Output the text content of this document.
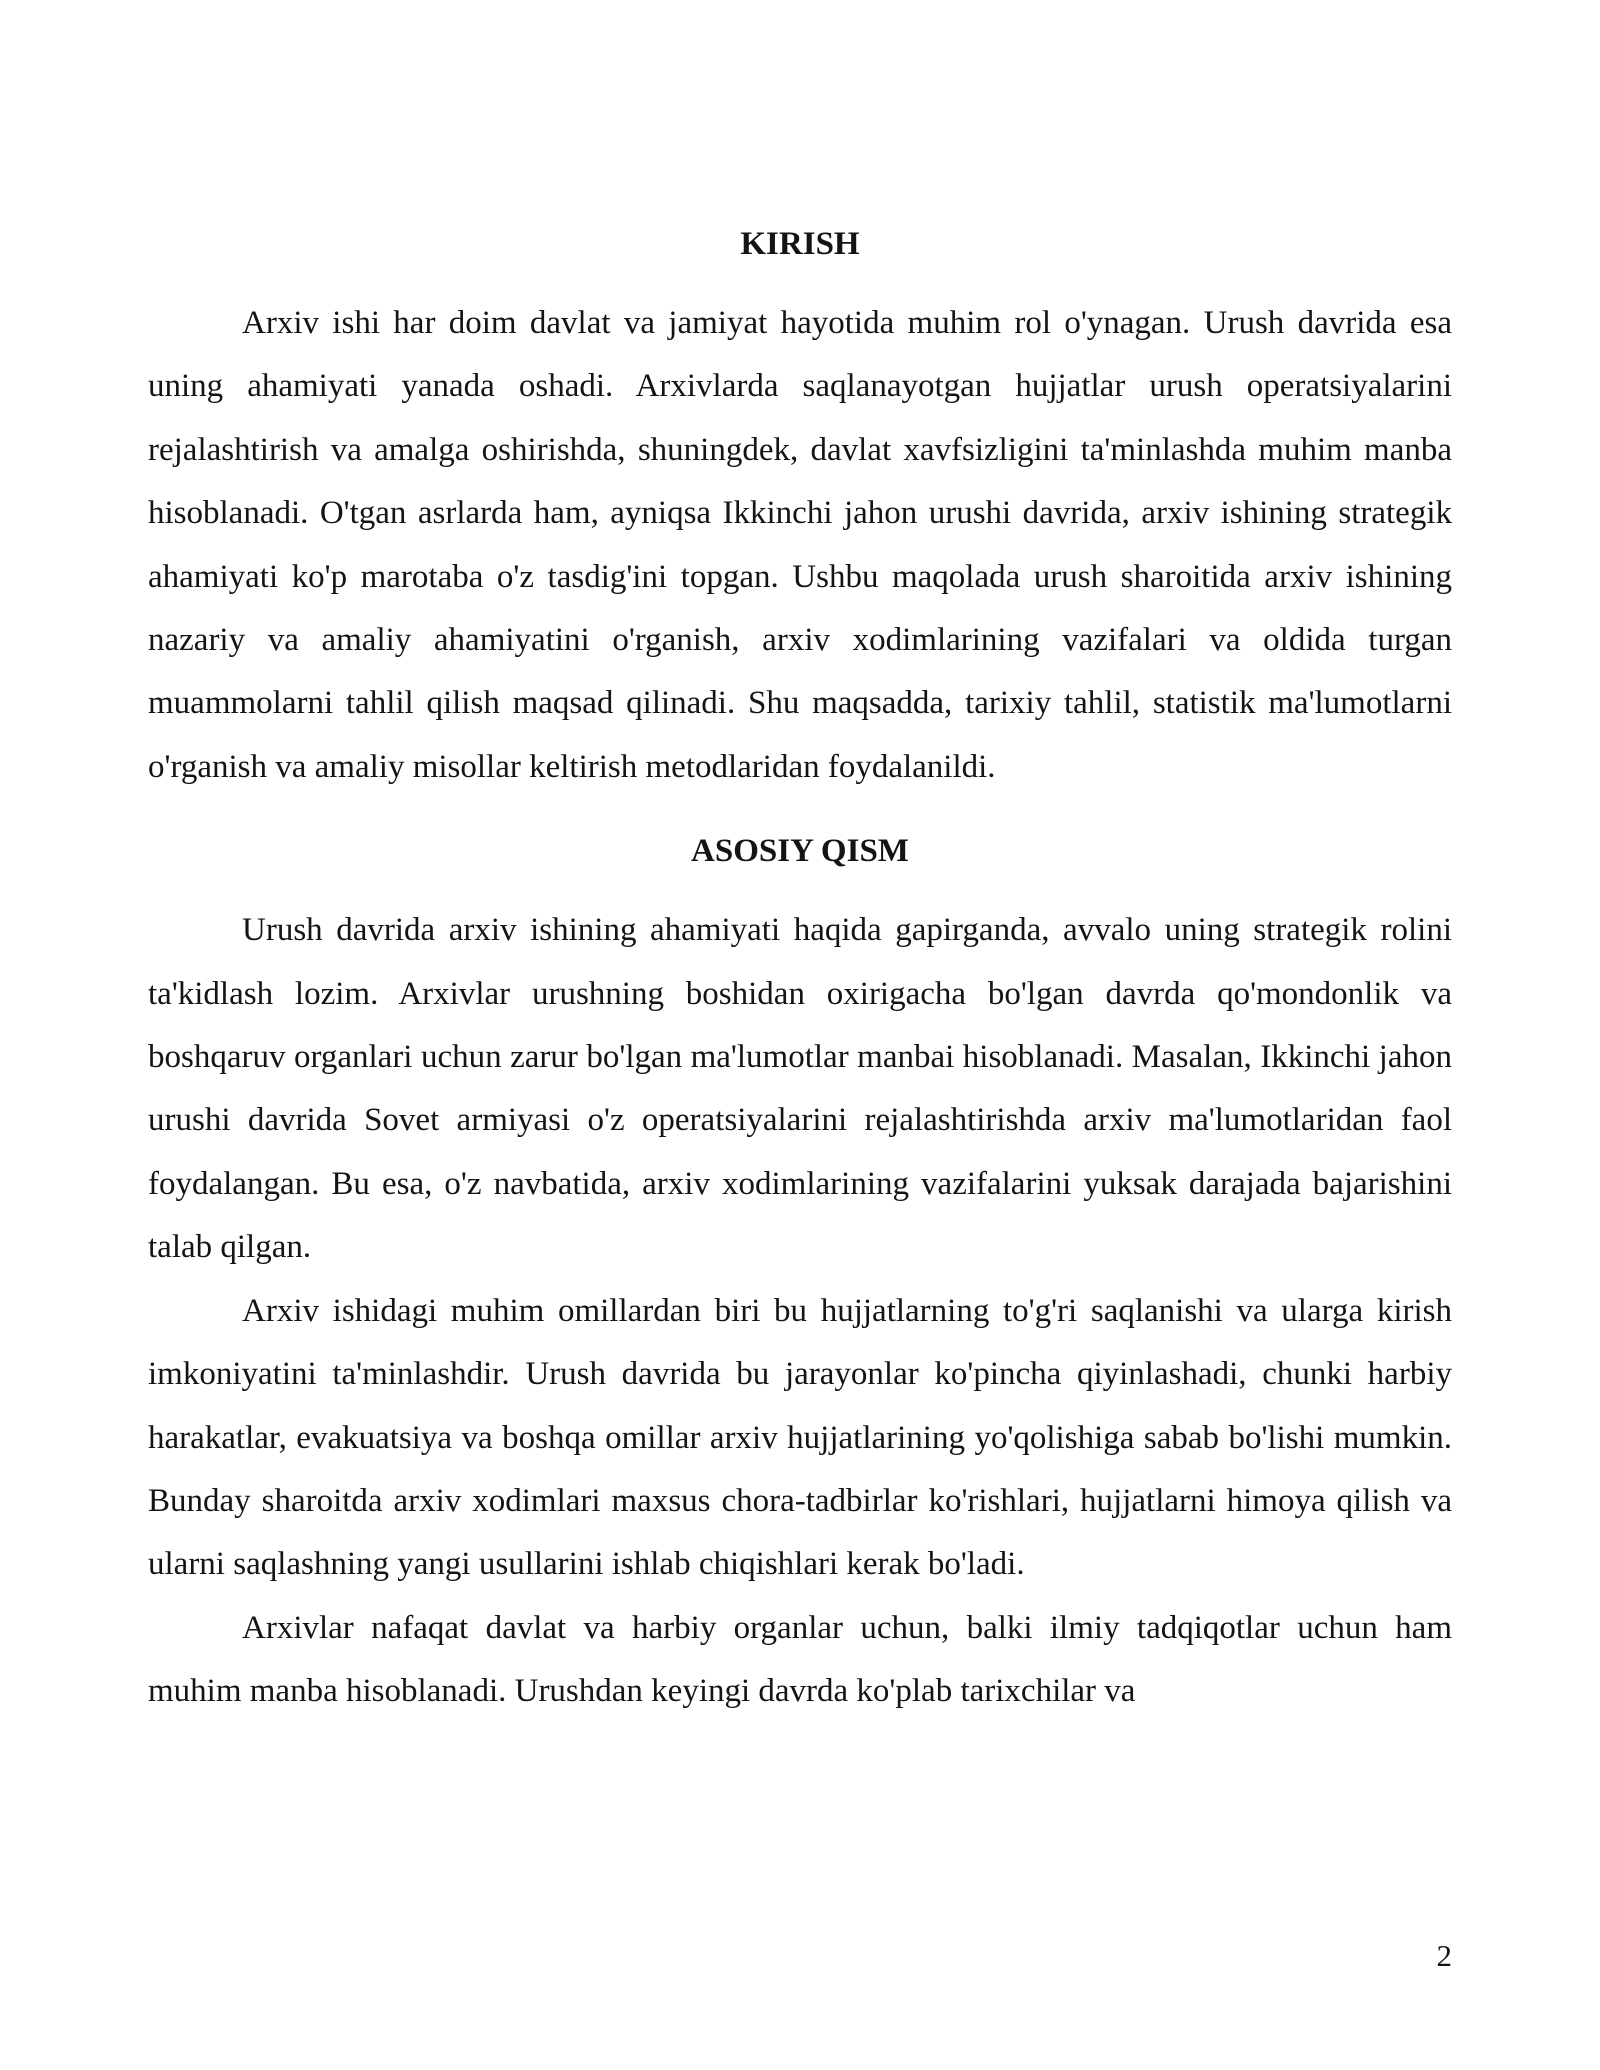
KIRISH

Arxiv ishi har doim davlat va jamiyat hayotida muhim rol o'ynagan. Urush davrida esa uning ahamiyati yanada oshadi. Arxivlarda saqlanayotgan hujjatlar urush operatsiyalarini rejalashtirish va amalga oshirishda, shuningdek, davlat xavfsizligini ta'minlashda muhim manba hisoblanadi. O'tgan asrlarda ham, ayniqsa Ikkinchi jahon urushi davrida, arxiv ishining strategik ahamiyati ko'p marotaba o'z tasdig'ini topgan. Ushbu maqolada urush sharoitida arxiv ishining nazariy va amaliy ahamiyatini o'rganish, arxiv xodimlarining vazifalari va oldida turgan muammolarni tahlil qilish maqsad qilinadi. Shu maqsadda, tarixiy tahlil, statistik ma'lumotlarni o'rganish va amaliy misollar keltirish metodlaridan foydalanildi.

ASOSIY QISM

Urush davrida arxiv ishining ahamiyati haqida gapirganda, avvalo uning strategik rolini ta'kidlash lozim. Arxivlar urushning boshidan oxirigacha bo'lgan davrda qo'mondonlik va boshqaruv organlari uchun zarur bo'lgan ma'lumotlar manbai hisoblanadi. Masalan, Ikkinchi jahon urushi davrida Sovet armiyasi o'z operatsiyalarini rejalashtirishda arxiv ma'lumotlaridan faol foydalangan. Bu esa, o'z navbatida, arxiv xodimlarining vazifalarini yuksak darajada bajarishini talab qilgan.

Arxiv ishidagi muhim omillardan biri bu hujjatlarning to'g'ri saqlanishi va ularga kirish imkoniyatini ta'minlashdir. Urush davrida bu jarayonlar ko'pincha qiyinlashadi, chunki harbiy harakatlar, evakuatsiya va boshqa omillar arxiv hujjatlarining yo'qolishiga sabab bo'lishi mumkin. Bunday sharoitda arxiv xodimlari maxsus chora-tadbirlar ko'rishlari, hujjatlarni himoya qilish va ularni saqlashning yangi usullarini ishlab chiqishlari kerak bo'ladi.

Arxivlar nafaqat davlat va harbiy organlar uchun, balki ilmiy tadqiqotlar uchun ham muhim manba hisoblanadi. Urushdan keyingi davrda ko'plab tarixchilar va

2
